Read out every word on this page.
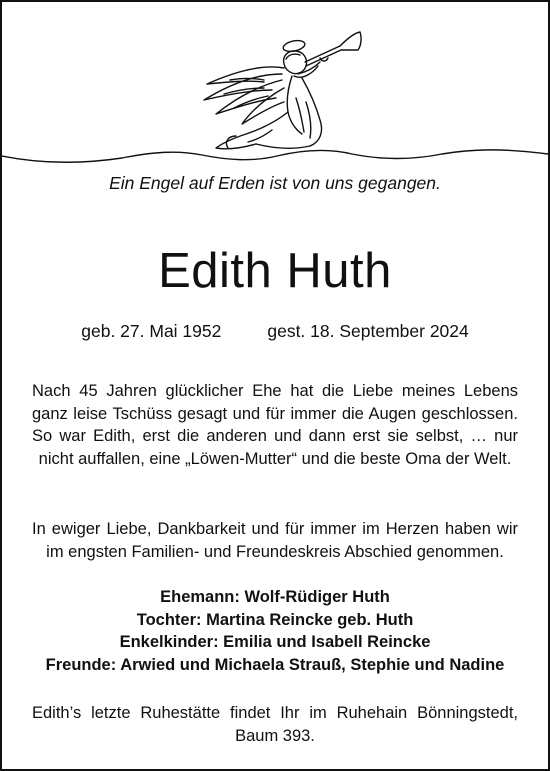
Ein Engel auf Erden ist von uns gegangen.
Edith Huth
geb. 27. Mai 1952	gest. 18. September 2024
Nach 45 Jahren glücklicher Ehe hat die Liebe meines Lebens ganz leise Tschüss gesagt und für immer die Augen geschlossen. So war Edith, erst die anderen und dann erst sie selbst, … nur nicht auffallen, eine „Löwen-Mutter“ und die beste Oma der Welt.
In ewiger Liebe, Dankbarkeit und für immer im Herzen haben wir im engsten Familien- und Freundeskreis Abschied genommen.
Ehemann: Wolf-Rüdiger Huth
Tochter: Martina Reincke geb. Huth
Enkelkinder: Emilia und Isabell Reincke
Freunde: Arwied und Michaela Strauß, Stephie und Nadine
Edith’s letzte Ruhestätte findet Ihr im Ruhehain Bönningstedt, Baum 393.
